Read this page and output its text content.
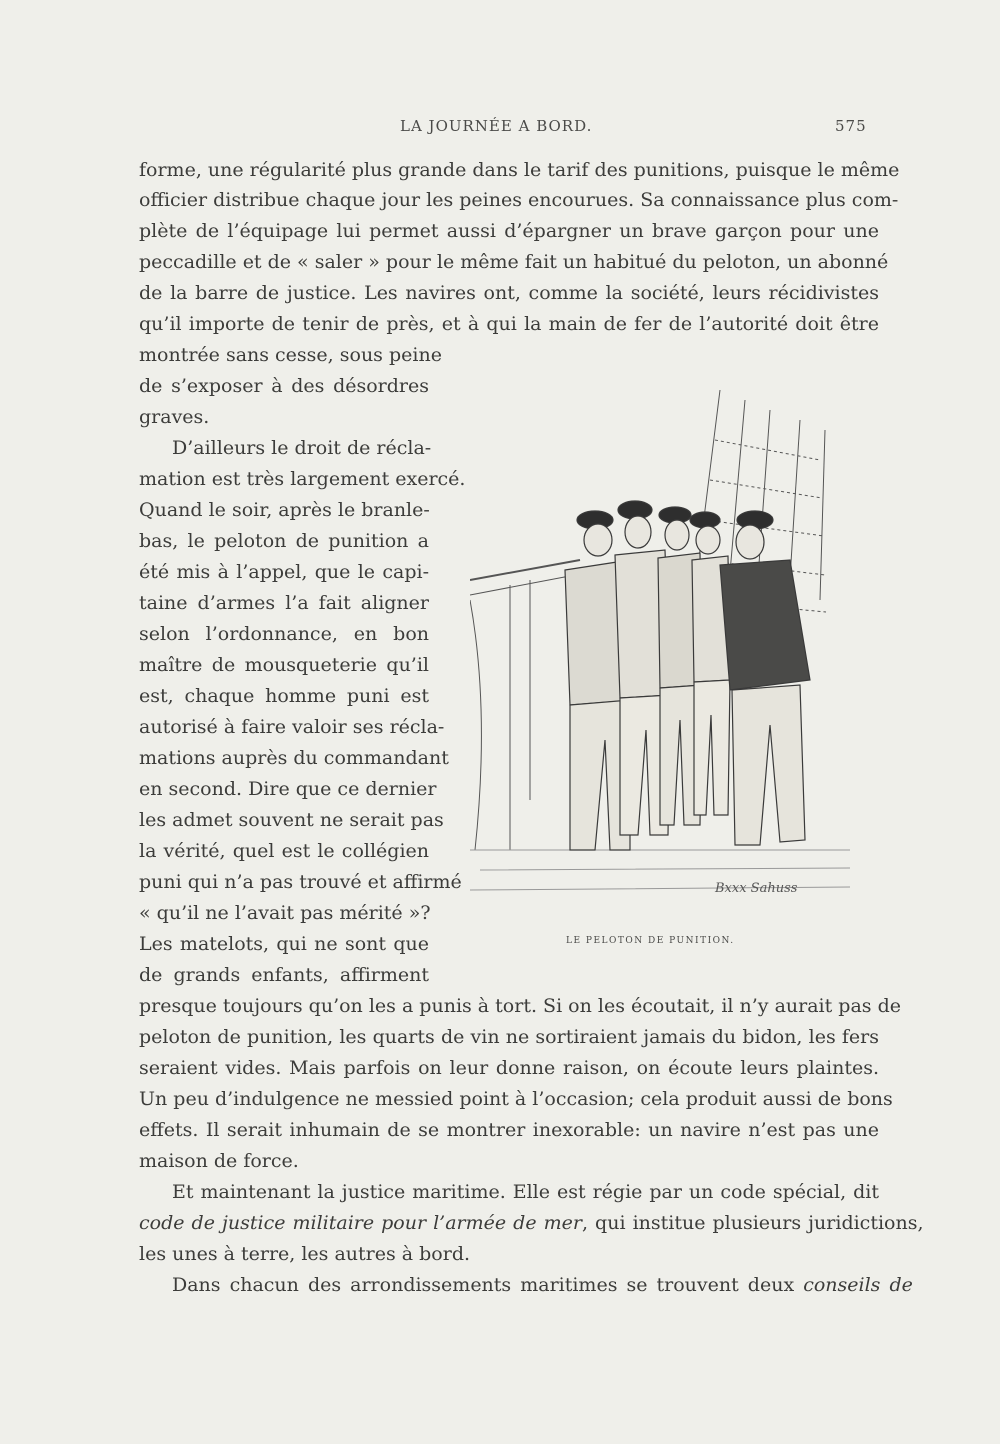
LA JOURNÉE A BORD.	575
forme, une régularité plus grande dans le tarif des punitions, puisque le même
officier distribue chaque jour les peines encourues. Sa connaissance plus com-
plète de l’équipage lui permet aussi d’épargner un brave garçon pour une
peccadille et de « saler » pour le même fait un habitué du peloton, un abonné
de la barre de justice. Les navires ont, comme la société, leurs récidivistes
qu’il importe de tenir de près, et à qui la main de fer de l’autorité doit être
montrée sans cesse, sous peine
de s’exposer à des désordres
graves.
D’ailleurs le droit de récla-
mation est très largement exercé.
Quand le soir, après le branle-
bas, le peloton de punition a
été mis à l’appel, que le capi-
taine d’armes l’a fait aligner
selon l’ordonnance, en bon
maître de mousqueterie qu’il
est, chaque homme puni est
autorisé à faire valoir ses récla-
mations auprès du commandant
en second. Dire que ce dernier
les admet souvent ne serait pas
la vérité, quel est le collégien
puni qui n’a pas trouvé et affirmé
« qu’il ne l’avait pas mérité »?
Les matelots, qui ne sont que
de grands enfants, affirment
presque toujours qu’on les a punis à tort. Si on les écoutait, il n’y aurait pas de
peloton de punition, les quarts de vin ne sortiraient jamais du bidon, les fers
seraient vides. Mais parfois on leur donne raison, on écoute leurs plaintes.
Un peu d’indulgence ne messied point à l’occasion; cela produit aussi de bons
effets. Il serait inhumain de se montrer inexorable: un navire n’est pas une
maison de force.
Et maintenant la justice maritime. Elle est régie par un code spécial, dit
code de justice militaire pour l’armée de mer, qui institue plusieurs juridictions,
les unes à terre, les autres à bord.
Dans chacun des arrondissements maritimes se trouvent deux conseils de
Bxxx Sahuss
LE PELOTON DE PUNITION.
